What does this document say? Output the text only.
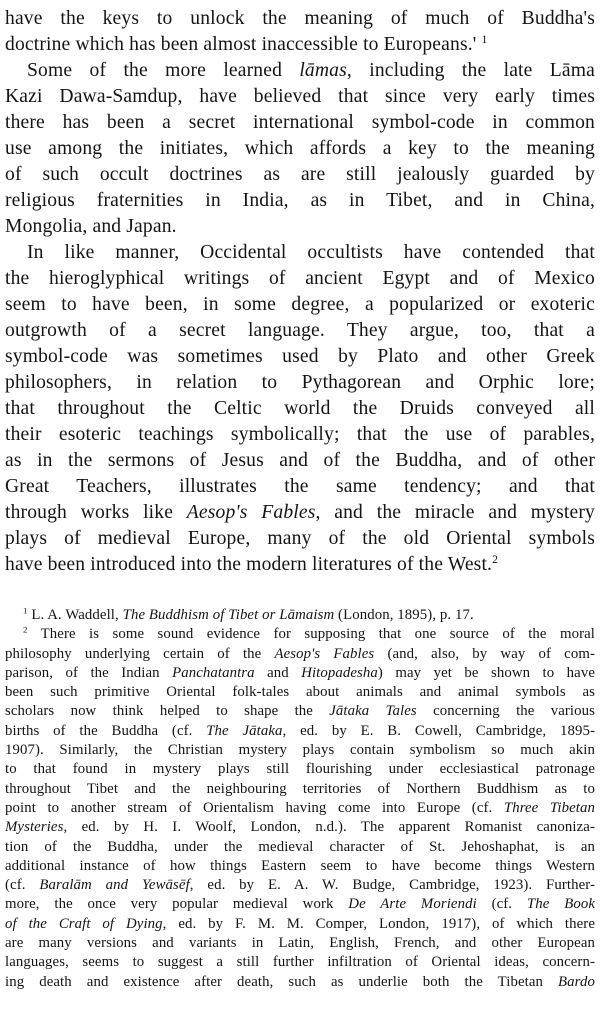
have the keys to unlock the meaning of much of Buddha's

doctrine which has been almost inaccessible to Europeans.' $^1$

Some of the more learned lāmas, including the late Lāma

Kazi Dawa-Samdup, have believed that since very early times

there has been a secret international symbol-code in common

use among the initiates, which affords a key to the meaning

of such occult doctrines as are still jealously guarded by

religious fraternities in India, as in Tibet, and in China,

Mongolia, and Japan.

In like manner, Occidental occultists have contended that

the hieroglyphical writings of ancient Egypt and of Mexico

seem to have been, in some degree, a popularized or exoteric

outgrowth of a secret language. They argue, too, that a

symbol-code was sometimes used by Plato and other Greek

philosophers, in relation to Pythagorean and Orphic lore;

that throughout the Celtic world the Druids conveyed all

their esoteric teachings symbolically; that the use of parables,

as in the sermons of Jesus and of the Buddha, and of other

Great Teachers, illustrates the same tendency; and that

through works like Aesop's Fables, and the miracle and mystery

plays of medieval Europe, many of the old Oriental symbols

have been introduced into the modern literatures of the West.$^2$

$^1$ L. A. Waddell, The Buddhism of Tibet or Lāmaism (London, 1895), p. 17.

$^2$ There is some sound evidence for supposing that one source of the moral

philosophy underlying certain of the Aesop's Fables (and, also, by way of com-

parison, of the Indian Panchatantra and Hitopadesha) may yet be shown to have

been such primitive Oriental folk-tales about animals and animal symbols as

scholars now think helped to shape the Jātaka Tales concerning the various

births of the Buddha (cf. The Jātaka, ed. by E. B. Cowell, Cambridge, 1895-

1907). Similarly, the Christian mystery plays contain symbolism so much akin

to that found in mystery plays still flourishing under ecclesiastical patronage

throughout Tibet and the neighbouring territories of Northern Buddhism as to

point to another stream of Orientalism having come into Europe (cf. Three Tibetan

Mysteries, ed. by H. I. Woolf, London, n.d.). The apparent Romanist canoniza-

tion of the Buddha, under the medieval character of St. Jehoshaphat, is an

additional instance of how things Eastern seem to have become things Western

(cf. Baralām and Yewāsēf, ed. by E. A. W. Budge, Cambridge, 1923). Further-

more, the once very popular medieval work De Arte Moriendi (cf. The Book

of the Craft of Dying, ed. by F. M. M. Comper, London, 1917), of which there

are many versions and variants in Latin, English, French, and other European

languages, seems to suggest a still further infiltration of Oriental ideas, concern-

ing death and existence after death, such as underlie both the Tibetan Bardo
